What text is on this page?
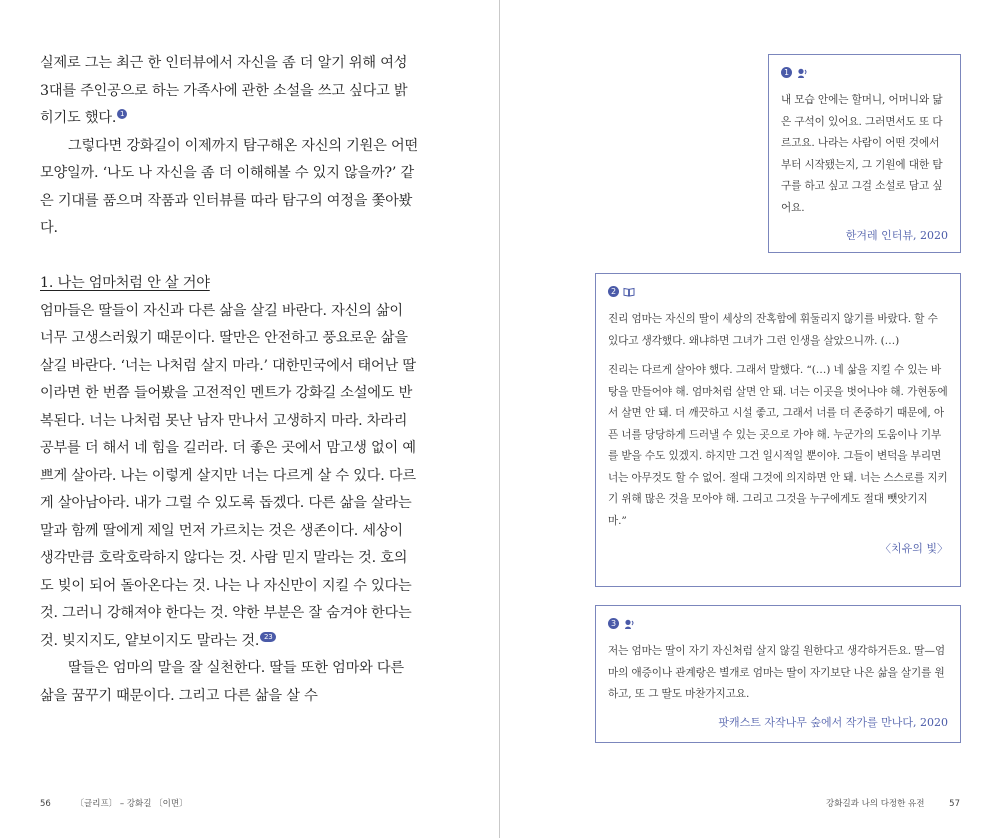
실제로 그는 최근 한 인터뷰에서 자신을 좀 더 알기 위해 여성 3대를 주인공으로 하는 가족사에 관한 소설을 쓰고 싶다고 밝히기도 했다. 1

그렇다면 강화길이 이제까지 탐구해온 자신의 기원은 어떤 모양일까. ‘나도 나 자신을 좀 더 이해해볼 수 있지 않을까?’ 같은 기대를 품으며 작품과 인터뷰를 따라 탐구의 여정을 쫓아봤다.

1. 나는 엄마처럼 안 살 거야

엄마들은 딸들이 자신과 다른 삶을 살길 바란다. 자신의 삶이 너무 고생스러웠기 때문이다. 딸만은 안전하고 풍요로운 삶을 살길 바란다. ‘너는 나처럼 살지 마라.’ 대한민국에서 태어난 딸이라면 한 번쯤 들어봤을 고전적인 멘트가 강화길 소설에도 반복된다. 너는 나처럼 못난 남자 만나서 고생하지 마라. 차라리 공부를 더 해서 네 힘을 길러라. 더 좋은 곳에서 맘고생 없이 예쁘게 살아라. 나는 이렇게 살지만 너는 다르게 살 수 있다. 다르게 살아남아라. 내가 그럴 수 있도록 돕겠다. 다른 삶을 살라는 말과 함께 딸에게 제일 먼저 가르치는 것은 생존이다. 세상이 생각만큼 호락호락하지 않다는 것. 사람 믿지 말라는 것. 호의도 빚이 되어 돌아온다는 것. 나는 나 자신만이 지킬 수 있다는 것. 그러니 강해져야 한다는 것. 약한 부분은 잘 숨겨야 한다는 것. 빚지지도, 얕보이지도 말라는 것. 23

딸들은 엄마의 말을 잘 실천한다. 딸들 또한 엄마와 다른 삶을 꿈꾸기 때문이다. 그리고 다른 삶을 살 수

56	〔글리프〕 – 강화길 〔이면〕
1

내 모습 안에는 할머니, 어머니와 닮은 구석이 있어요. 그러면서도 또 다르고요. 나라는 사람이 어떤 것에서부터 시작됐는지, 그 기원에 대한 탐구를 하고 싶고 그걸 소설로 담고 싶어요.

한겨레 인터뷰, 2020
2

진리 엄마는 자신의 딸이 세상의 잔혹함에 휘둘리지 않기를 바랐다. 할 수 있다고 생각했다. 왜냐하면 그녀가 그런 인생을 살았으니까. (…)

진리는 다르게 살아야 했다. 그래서 말했다. “(…) 네 삶을 지킬 수 있는 바탕을 만들어야 해. 엄마처럼 살면 안 돼. 너는 이곳을 벗어나야 해. 가현동에서 살면 안 돼. 더 깨끗하고 시설 좋고, 그래서 너를 더 존중하기 때문에, 아픈 너를 당당하게 드러낼 수 있는 곳으로 가야 해. 누군가의 도움이나 기부를 받을 수도 있겠지. 하지만 그건 일시적일 뿐이야. 그들이 변덕을 부리면 너는 아무것도 할 수 없어. 절대 그것에 의지하면 안 돼. 너는 스스로를 지키기 위해 많은 것을 모아야 해. 그리고 그것을 누구에게도 절대 뺏앗기지 마.”

〈치유의 빛〉
3

저는 엄마는 딸이 자기 자신처럼 살지 않길 원한다고 생각하거든요. 딸—엄마의 애증이나 관계랑은 별개로 엄마는 딸이 자기보단 나은 삶을 살기를 원하고, 또 그 딸도 마찬가지고요.

팟캐스트 자작나무 숲에서 작가를 만나다, 2020
강화길과 나의 다정한 유전	57
